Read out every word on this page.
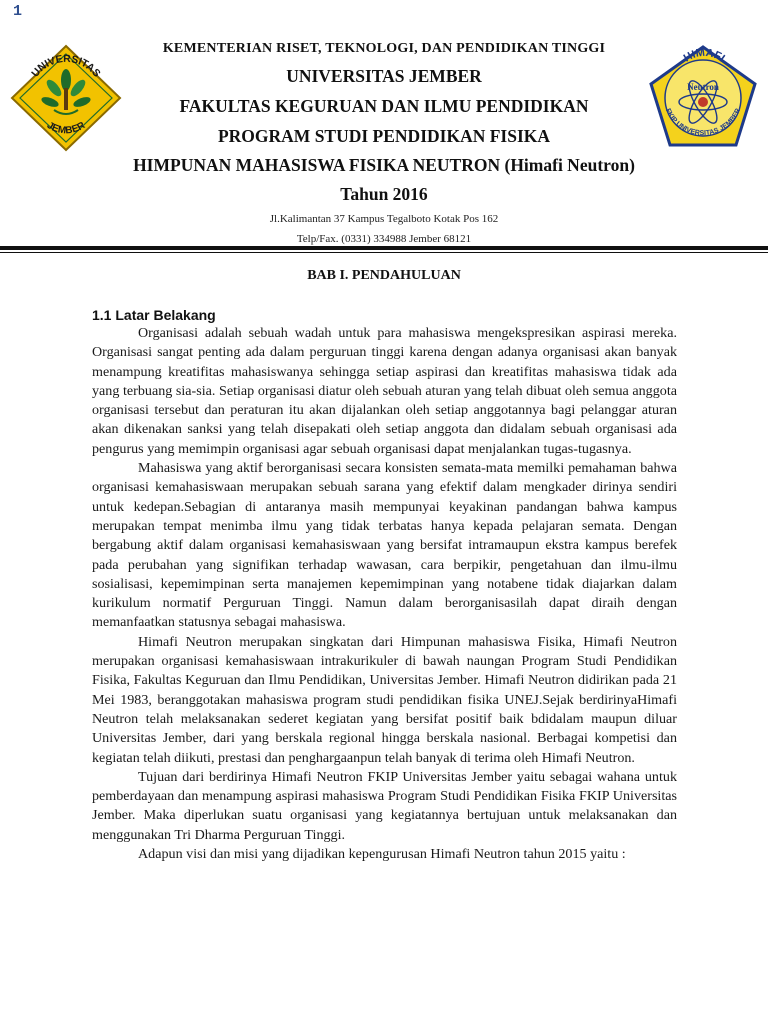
1
UNIVERSITAS
JEMBER
HIMAFI
Neutron
FKIP UNIVERSITAS JEMBER
KEMENTERIAN RISET, TEKNOLOGI, DAN PENDIDIKAN TINGGI
UNIVERSITAS JEMBER
FAKULTAS KEGURUAN DAN ILMU PENDIDIKAN
PROGRAM STUDI PENDIDIKAN FISIKA
HIMPUNAN MAHASISWA FISIKA NEUTRON (Himafi Neutron)
Tahun 2016
Jl.Kalimantan 37 Kampus Tegalboto Kotak Pos 162
Telp/Fax. (0331) 334988 Jember 68121
BAB I. PENDAHULUAN
1.1 Latar Belakang

Organisasi adalah sebuah wadah untuk para mahasiswa mengekspresikan aspirasi mereka. Organisasi sangat penting ada dalam perguruan tinggi karena dengan adanya organisasi akan banyak menampung kreatifitas mahasiswanya sehingga setiap aspirasi dan kreatifitas mahasiswa tidak ada yang terbuang sia-sia. Setiap organisasi diatur oleh sebuah aturan yang telah dibuat oleh semua anggota organisasi tersebut dan peraturan itu akan dijalankan oleh setiap anggotannya bagi pelanggar aturan akan dikenakan sanksi yang telah disepakati oleh setiap anggota dan didalam sebuah organisasi ada pengurus yang memimpin organisasi agar sebuah organisasi dapat menjalankan tugas-tugasnya.

Mahasiswa yang aktif berorganisasi secara konsisten semata-mata memilki pemahaman bahwa organisasi kemahasiswaan merupakan sebuah sarana yang efektif dalam mengkader dirinya sendiri untuk kedepan.Sebagian di antaranya masih mempunyai keyakinan pandangan bahwa kampus merupakan tempat menimba ilmu yang tidak terbatas hanya kepada pelajaran semata. Dengan bergabung aktif dalam organisasi kemahasiswaan yang bersifat intramaupun ekstra kampus berefek pada perubahan yang signifikan terhadap wawasan, cara berpikir, pengetahuan dan ilmu-ilmu sosialisasi, kepemimpinan serta manajemen kepemimpinan yang notabene tidak diajarkan dalam kurikulum normatif Perguruan Tinggi. Namun dalam berorganisasilah dapat diraih dengan memanfaatkan statusnya sebagai mahasiswa.

Himafi Neutron merupakan singkatan dari Himpunan mahasiswa Fisika, Himafi Neutron merupakan organisasi kemahasiswaan intrakurikuler di bawah naungan Program Studi Pendidikan Fisika, Fakultas Keguruan dan Ilmu Pendidikan, Universitas Jember. Himafi Neutron didirikan pada 21 Mei 1983, beranggotakan mahasiswa program studi pendidikan fisika UNEJ.Sejak berdirinyaHimafi Neutron telah melaksanakan sederet kegiatan yang bersifat positif baik bdidalam maupun diluar Universitas Jember, dari yang berskala regional hingga berskala nasional. Berbagai kompetisi dan kegiatan telah diikuti, prestasi dan penghargaanpun telah banyak di terima oleh Himafi Neutron.

Tujuan dari berdirinya Himafi Neutron FKIP Universitas Jember yaitu sebagai wahana untuk pemberdayaan dan menampung aspirasi mahasiswa Program Studi Pendidikan Fisika FKIP Universitas Jember. Maka diperlukan suatu organisasi yang kegiatannya bertujuan untuk melaksanakan dan menggunakan Tri Dharma Perguruan Tinggi.

Adapun visi dan misi yang dijadikan kepengurusan Himafi Neutron tahun 2015 yaitu :
